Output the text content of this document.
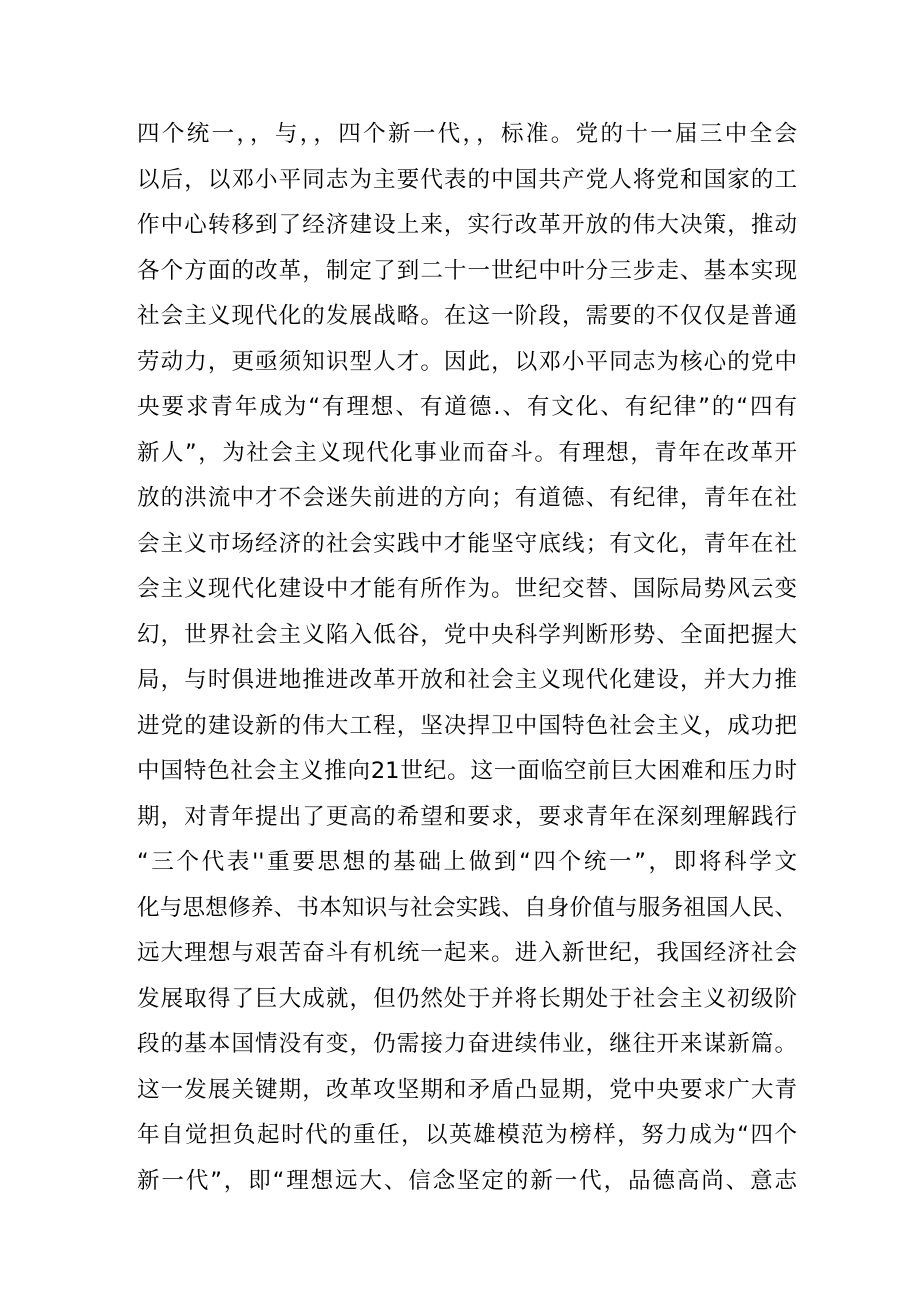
四个统一，，与，，四个新一代，，标准。党的十一届三中全会
以后，以邓小平同志为主要代表的中国共产党人将党和国家的工
作中心转移到了经济建设上来，实行改革开放的伟大决策，推动
各个方面的改革，制定了到二十一世纪中叶分三步走、基本实现
社会主义现代化的发展战略。在这一阶段，需要的不仅仅是普通
劳动力，更亟须知识型人才。因此，以邓小平同志为核心的党中
央要求青年成为“有理想、有道德.、有文化、有纪律”的“四有
新人”，为社会主义现代化事业而奋斗。有理想，青年在改革开
放的洪流中才不会迷失前进的方向；有道德、有纪律，青年在社
会主义市场经济的社会实践中才能坚守底线；有文化，青年在社
会主义现代化建设中才能有所作为。世纪交替、国际局势风云变
幻，世界社会主义陷入低谷，党中央科学判断形势、全面把握大
局，与时俱进地推进改革开放和社会主义现代化建设，并大力推
进党的建设新的伟大工程，坚决捍卫中国特色社会主义，成功把
中国特色社会主义推向21世纪。这一面临空前巨大困难和压力时
期，对青年提出了更高的希望和要求，要求青年在深刻理解践行
“三个代表''重要思想的基础上做到“四个统一”，即将科学文
化与思想修养、书本知识与社会实践、自身价值与服务祖国人民、
远大理想与艰苦奋斗有机统一起来。进入新世纪，我国经济社会
发展取得了巨大成就，但仍然处于并将长期处于社会主义初级阶
段的基本国情没有变，仍需接力奋进续伟业，继往开来谋新篇。
这一发展关键期，改革攻坚期和矛盾凸显期，党中央要求广大青
年自觉担负起时代的重任，以英雄模范为榜样，努力成为“四个
新一代”，即“理想远大、信念坚定的新一代，品德高尚、意志
